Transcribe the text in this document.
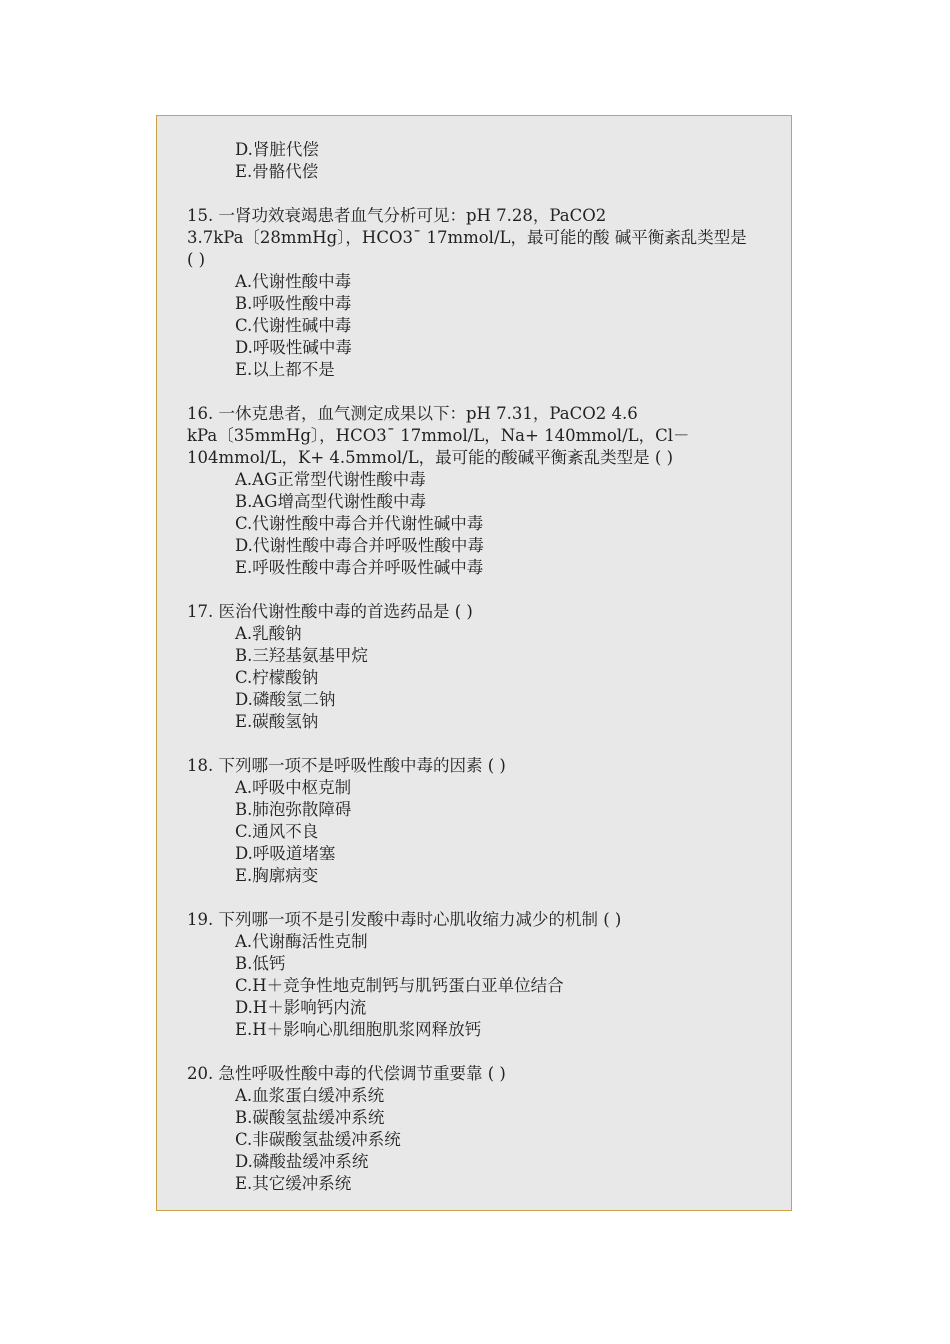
D.肾脏代偿
E.骨骼代偿
15. 一肾功效衰竭患者血气分析可见：pH 7.28，PaCO2
3.7kPa〔28mmHg〕，HCO3ˉ 17mmol/L，最可能的酸 碱平衡紊乱类型是
( )
A.代谢性酸中毒
B.呼吸性酸中毒
C.代谢性碱中毒
D.呼吸性碱中毒
E.以上都不是
16. 一休克患者，血气测定成果以下：pH 7.31，PaCO2 4.6
kPa〔35mmHg〕，HCO3ˉ 17mmol/L，Na+ 140mmol/L，Cl－
104mmol/L，K+ 4.5mmol/L，最可能的酸碱平衡紊乱类型是 ( )
A.AG正常型代谢性酸中毒
B.AG增高型代谢性酸中毒
C.代谢性酸中毒合并代谢性碱中毒
D.代谢性酸中毒合并呼吸性酸中毒
E.呼吸性酸中毒合并呼吸性碱中毒
17. 医治代谢性酸中毒的首选药品是 ( )
A.乳酸钠
B.三羟基氨基甲烷
C.柠檬酸钠
D.磷酸氢二钠
E.碳酸氢钠
18. 下列哪一项不是呼吸性酸中毒的因素 ( )
A.呼吸中枢克制
B.肺泡弥散障碍
C.通风不良
D.呼吸道堵塞
E.胸廓病变
19. 下列哪一项不是引发酸中毒时心肌收缩力减少的机制 ( )
A.代谢酶活性克制
B.低钙
C.H＋竞争性地克制钙与肌钙蛋白亚单位结合
D.H＋影响钙内流
E.H＋影响心肌细胞肌浆网释放钙
20. 急性呼吸性酸中毒的代偿调节重要靠 ( )
A.血浆蛋白缓冲系统
B.碳酸氢盐缓冲系统
C.非碳酸氢盐缓冲系统
D.磷酸盐缓冲系统
E.其它缓冲系统
